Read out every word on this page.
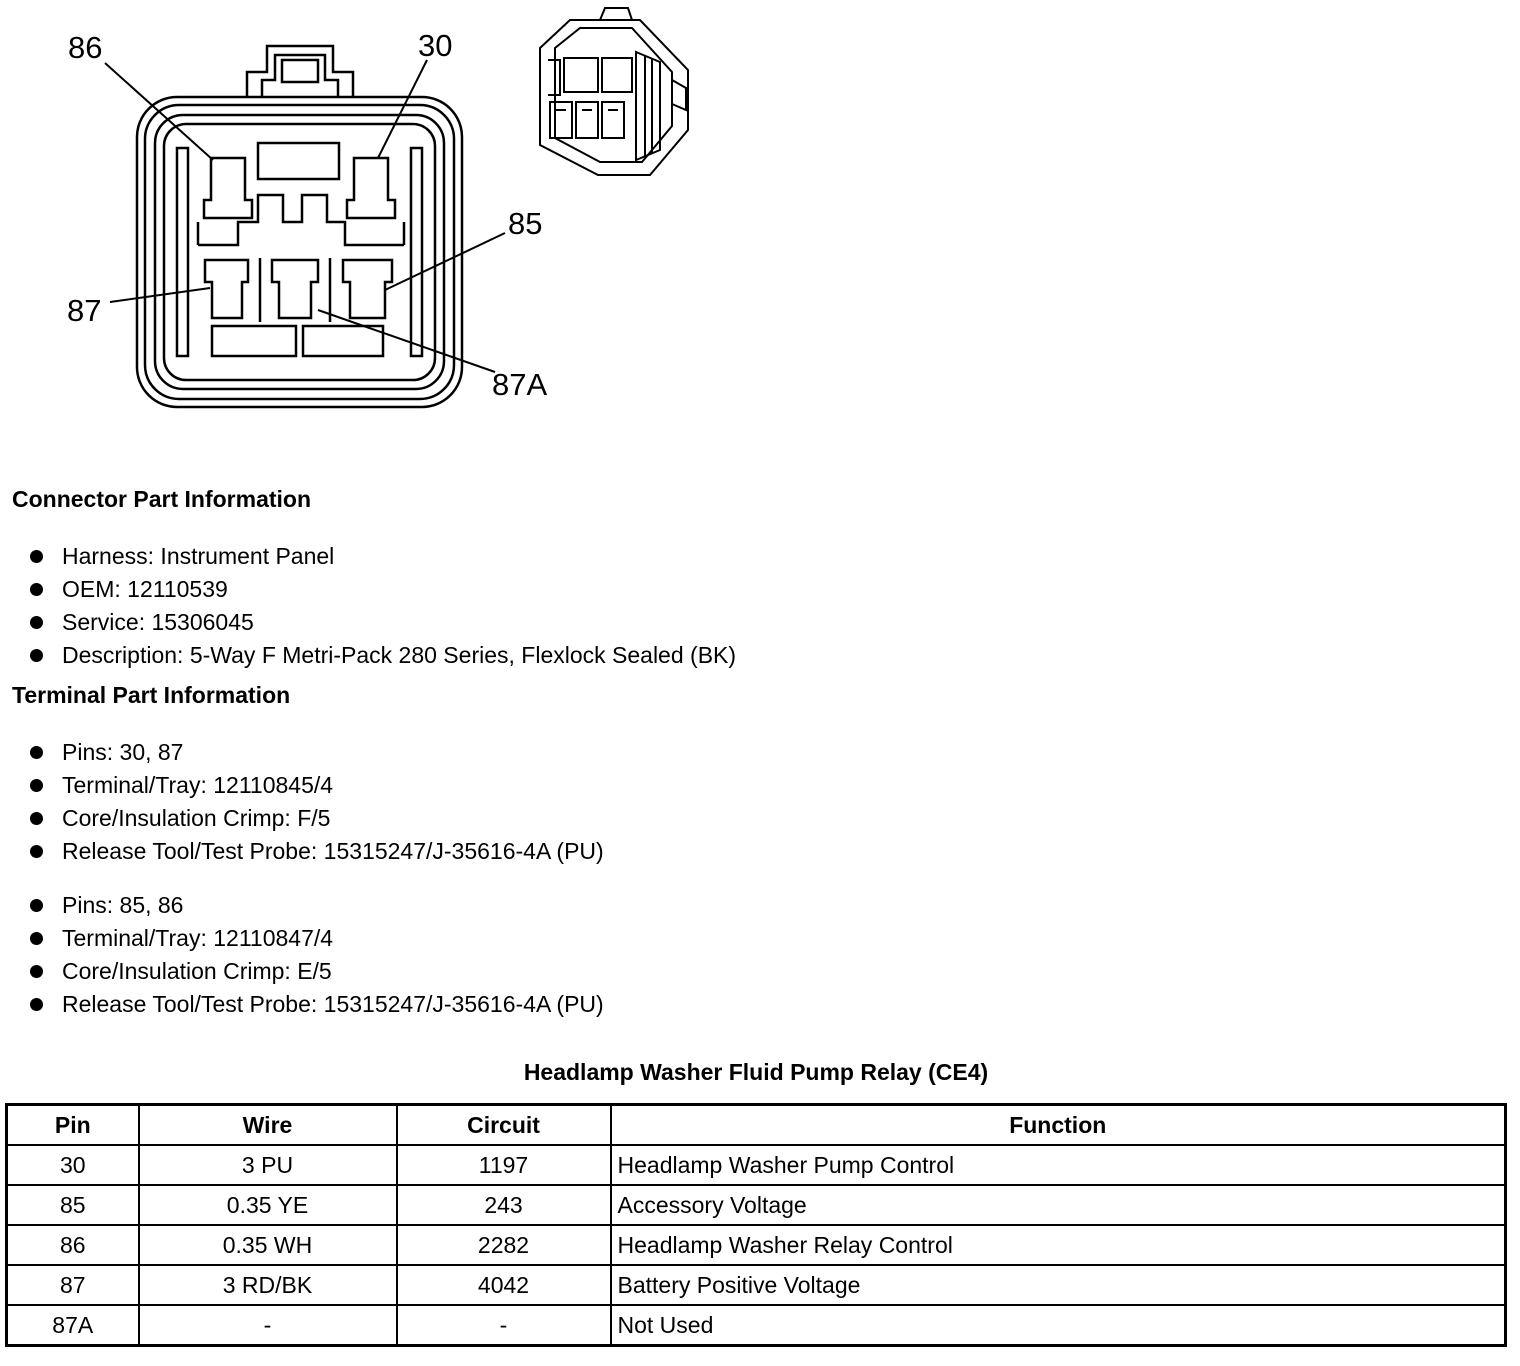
86	30
85
87
87A
Connector Part Information
Harness: Instrument Panel
OEM: 12110539
Service: 15306045
Description: 5-Way F Metri-Pack 280 Series, Flexlock Sealed (BK)
Terminal Part Information
Pins: 30, 87
Terminal/Tray: 12110845/4
Core/Insulation Crimp: F/5
Release Tool/Test Probe: 15315247/J-35616-4A (PU)
Pins: 85, 86
Terminal/Tray: 12110847/4
Core/Insulation Crimp: E/5
Release Tool/Test Probe: 15315247/J-35616-4A (PU)
Headlamp Washer Fluid Pump Relay (CE4)
Pin	Wire	Circuit	Function
30	3 PU	1197	Headlamp Washer Pump Control
85	0.35 YE	243	Accessory Voltage
86	0.35 WH	2282	Headlamp Washer Relay Control
87	3 RD/BK	4042	Battery Positive Voltage
87A	-	-	Not Used
